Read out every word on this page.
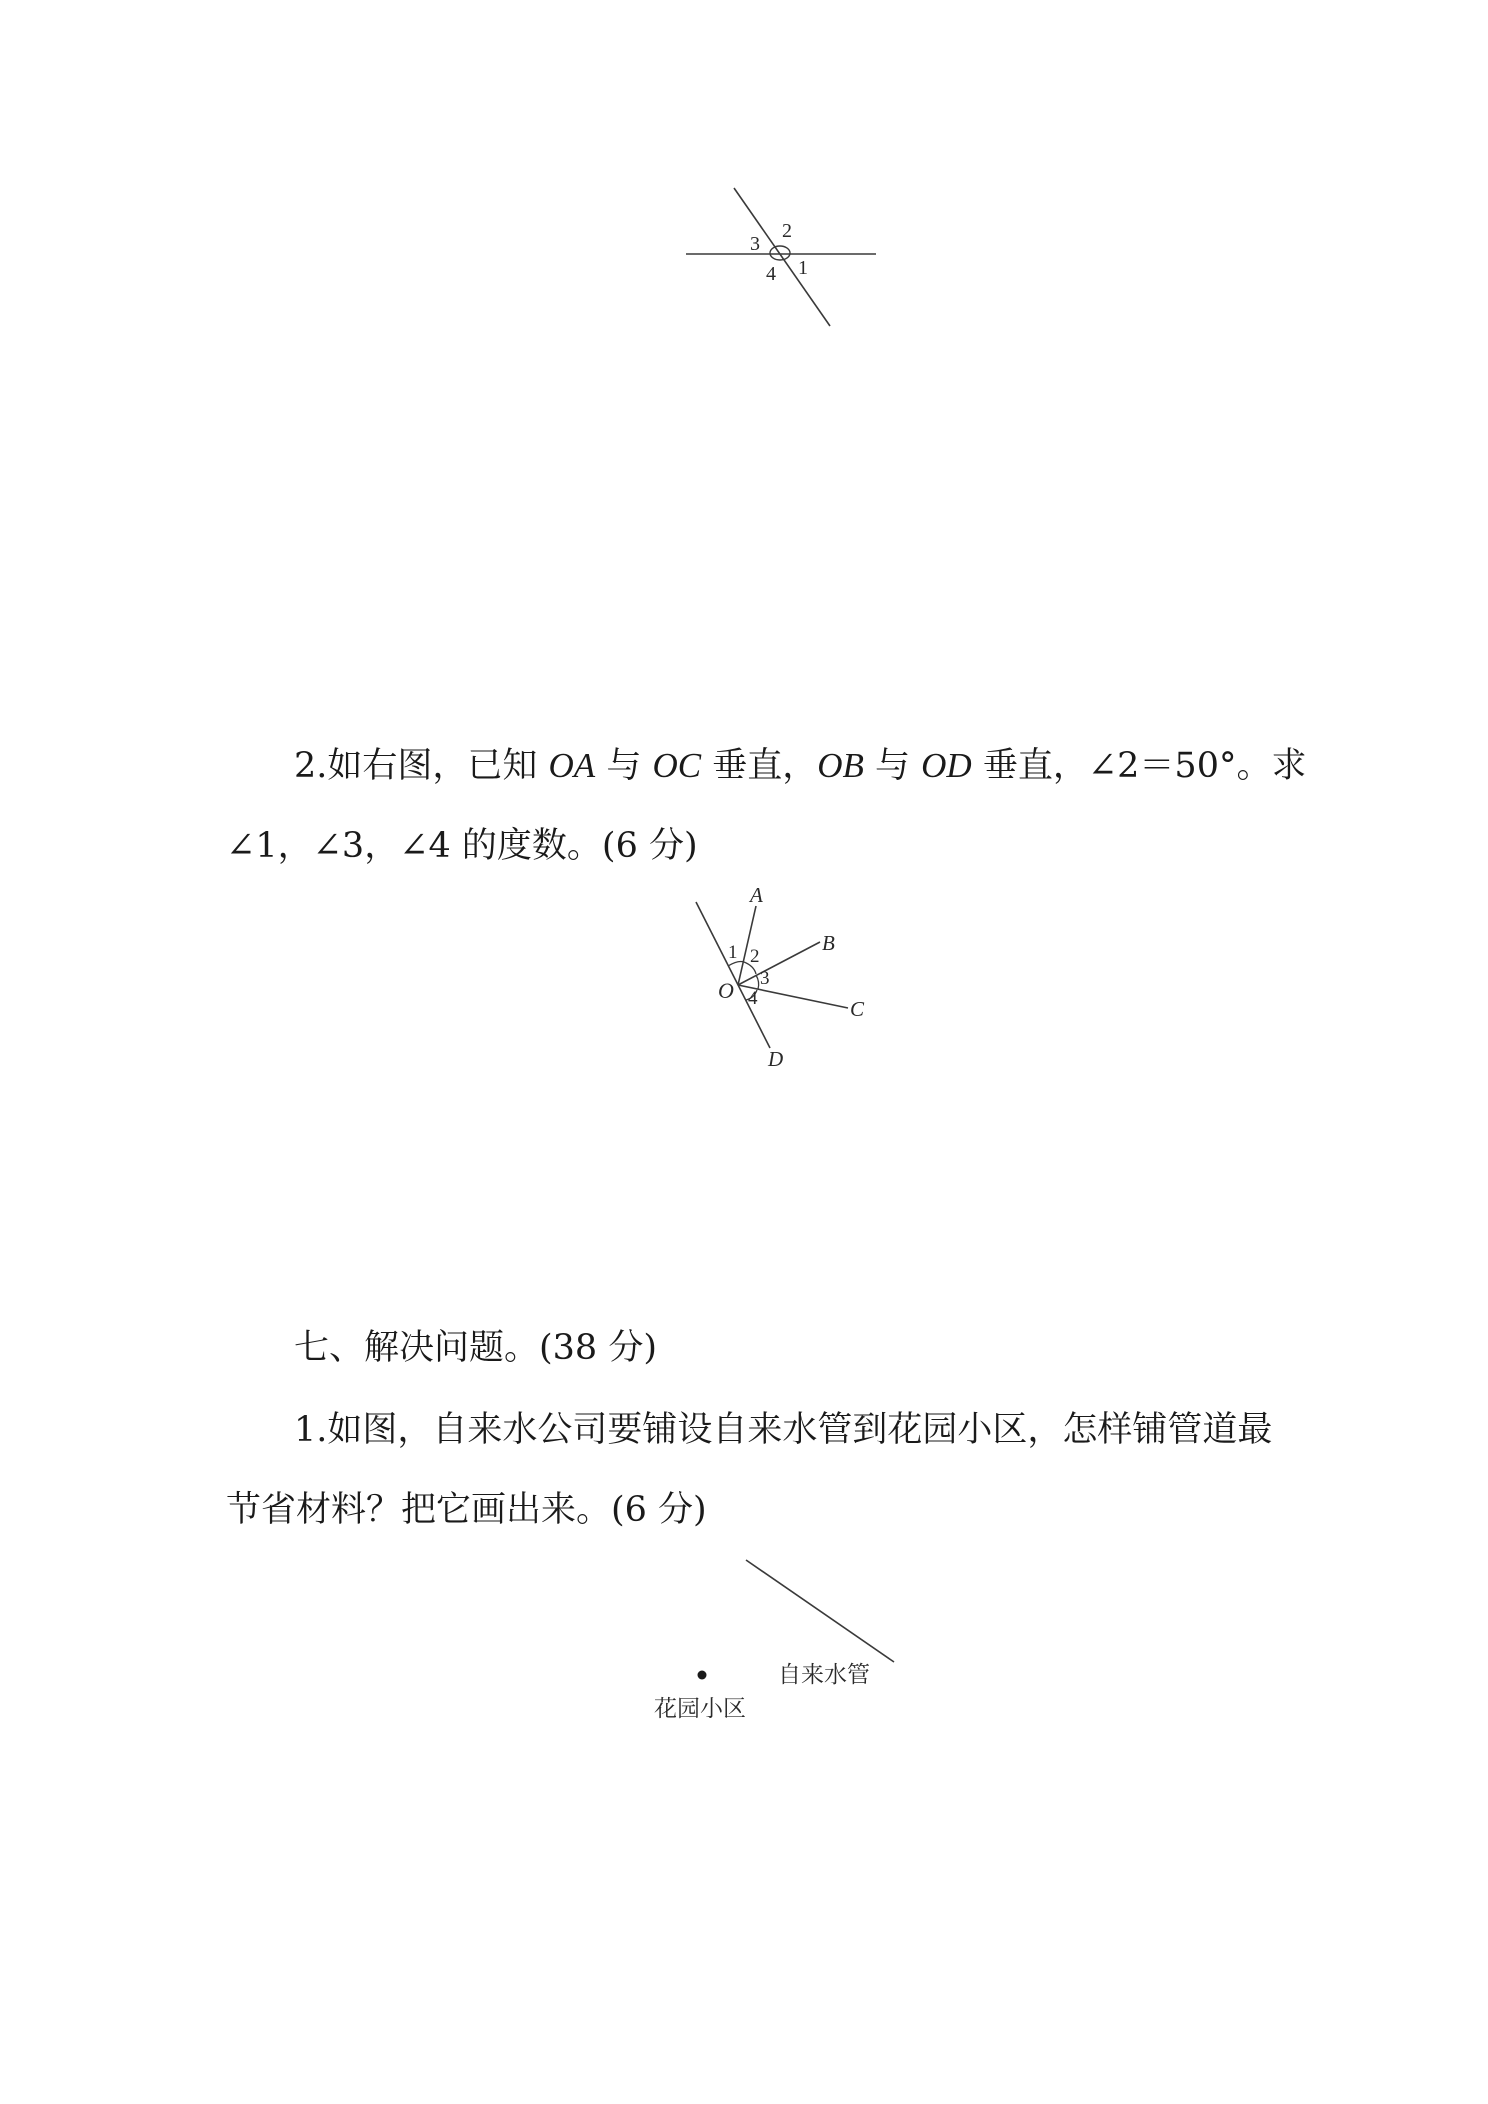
1
2
3
4
2.如右图，已知 OA 与 OC 垂直，OB 与 OD 垂直，∠2＝50°。求
∠1，∠3，∠4 的度数。(6 分)
A
B
C
D
O
1 2
3
4
七、解决问题。(38 分)
1.如图，自来水公司要铺设自来水管到花园小区，怎样铺管道最
节省材料？把它画出来。(6 分)
自来水管
花园小区
